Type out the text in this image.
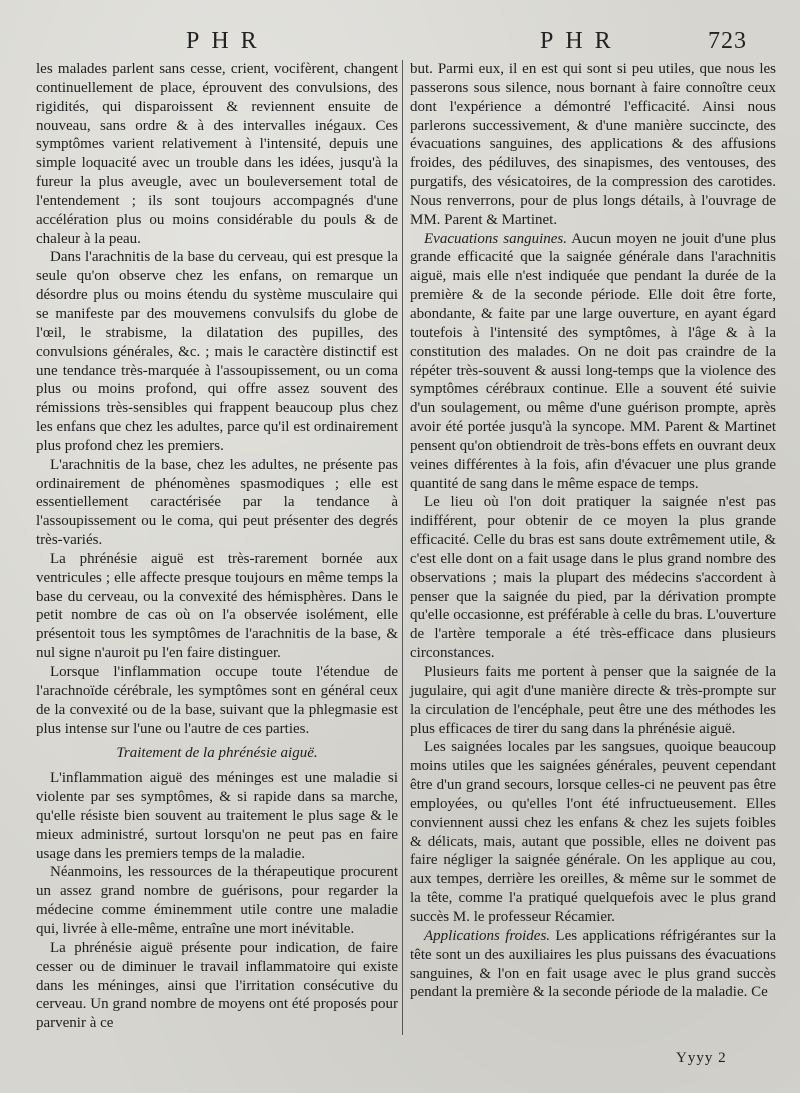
PHR	PHR	723

les malades parlent sans cesse, crient, vocifèrent, changent continuellement de place, éprouvent des convulsions, des rigidités, qui disparoissent & reviennent ensuite de nouveau, sans ordre & à des intervalles inégaux. Ces symptômes varient relativement à l'intensité, depuis une simple loquacité avec un trouble dans les idées, jusqu'à la fureur la plus aveugle, avec un bouleversement total de l'entendement ; ils sont toujours accompagnés d'une accélération plus ou moins considérable du pouls & de chaleur à la peau.

Dans l'arachnitis de la base du cerveau, qui est presque la seule qu'on observe chez les enfans, on remarque un désordre plus ou moins étendu du système musculaire qui se manifeste par des mouvemens convulsifs du globe de l'œil, le strabisme, la dilatation des pupilles, des convulsions générales, &c. ; mais le caractère distinctif est une tendance très-marquée à l'assoupissement, ou un coma plus ou moins profond, qui offre assez souvent des rémissions très-sensibles qui frappent beaucoup plus chez les enfans que chez les adultes, parce qu'il est ordinairement plus profond chez les premiers.

L'arachnitis de la base, chez les adultes, ne présente pas ordinairement de phénomènes spasmodiques ; elle est essentiellement caractérisée par la tendance à l'assoupissement ou le coma, qui peut présenter des degrés très-variés.

La phrénésie aiguë est très-rarement bornée aux ventricules ; elle affecte presque toujours en même temps la base du cerveau, ou la convexité des hémisphères. Dans le petit nombre de cas où on l'a observée isolément, elle présentoit tous les symptômes de l'arachnitis de la base, & nul signe n'auroit pu l'en faire distinguer.

Lorsque l'inflammation occupe toute l'étendue de l'arachnoïde cérébrale, les symptômes sont en général ceux de la convexité ou de la base, suivant que la phlegmasie est plus intense sur l'une ou l'autre de ces parties.

Traitement de la phrénésie aiguë.

L'inflammation aiguë des méninges est une maladie si violente par ses symptômes, & si rapide dans sa marche, qu'elle résiste bien souvent au traitement le plus sage & le mieux administré, surtout lorsqu'on ne peut pas en faire usage dans les premiers temps de la maladie.

Néanmoins, les ressources de la thérapeutique procurent un assez grand nombre de guérisons, pour regarder la médecine comme éminemment utile contre une maladie qui, livrée à elle-même, entraîne une mort inévitable.

La phrénésie aiguë présente pour indication, de faire cesser ou de diminuer le travail inflammatoire qui existe dans les méninges, ainsi que l'irritation consécutive du cerveau. Un grand nombre de moyens ont été proposés pour parvenir à ce

but. Parmi eux, il en est qui sont si peu utiles, que nous les passerons sous silence, nous bornant à faire connoître ceux dont l'expérience a démontré l'efficacité. Ainsi nous parlerons successivement, & d'une manière succincte, des évacuations sanguines, des applications & des affusions froides, des pédiluves, des sinapismes, des ventouses, des purgatifs, des vésicatoires, de la compression des carotides. Nous renverrons, pour de plus longs détails, à l'ouvrage de MM. Parent & Martinet.

Evacuations sanguines. Aucun moyen ne jouit d'une plus grande efficacité que la saignée générale dans l'arachnitis aiguë, mais elle n'est indiquée que pendant la durée de la première & de la seconde période. Elle doit être forte, abondante, & faite par une large ouverture, en ayant égard toutefois à l'intensité des symptômes, à l'âge & à la constitution des malades. On ne doit pas craindre de la répéter très-souvent & aussi long-temps que la violence des symptômes cérébraux continue. Elle a souvent été suivie d'un soulagement, ou même d'une guérison prompte, après avoir été portée jusqu'à la syncope. MM. Parent & Martinet pensent qu'on obtiendroit de très-bons effets en ouvrant deux veines différentes à la fois, afin d'évacuer une plus grande quantité de sang dans le même espace de temps.

Le lieu où l'on doit pratiquer la saignée n'est pas indifférent, pour obtenir de ce moyen la plus grande efficacité. Celle du bras est sans doute extrêmement utile, & c'est elle dont on a fait usage dans le plus grand nombre des observations ; mais la plupart des médecins s'accordent à penser que la saignée du pied, par la dérivation prompte qu'elle occasionne, est préférable à celle du bras. L'ouverture de l'artère temporale a été très-efficace dans plusieurs circonstances.

Plusieurs faits me portent à penser que la saignée de la jugulaire, qui agit d'une manière directe & très-prompte sur la circulation de l'encéphale, peut être une des méthodes les plus efficaces de tirer du sang dans la phrénésie aiguë.

Les saignées locales par les sangsues, quoique beaucoup moins utiles que les saignées générales, peuvent cependant être d'un grand secours, lorsque celles-ci ne peuvent pas être employées, ou qu'elles l'ont été infructueusement. Elles conviennent aussi chez les enfans & chez les sujets foibles & délicats, mais, autant que possible, elles ne doivent pas faire négliger la saignée générale. On les applique au cou, aux tempes, derrière les oreilles, & même sur le sommet de la tête, comme l'a pratiqué quelquefois avec le plus grand succès M. le professeur Récamier.

Applications froides. Les applications réfrigérantes sur la tête sont un des auxiliaires les plus puissans des évacuations sanguines, & l'on en fait usage avec le plus grand succès pendant la première & la seconde période de la maladie. Ce

Yyyy 2
